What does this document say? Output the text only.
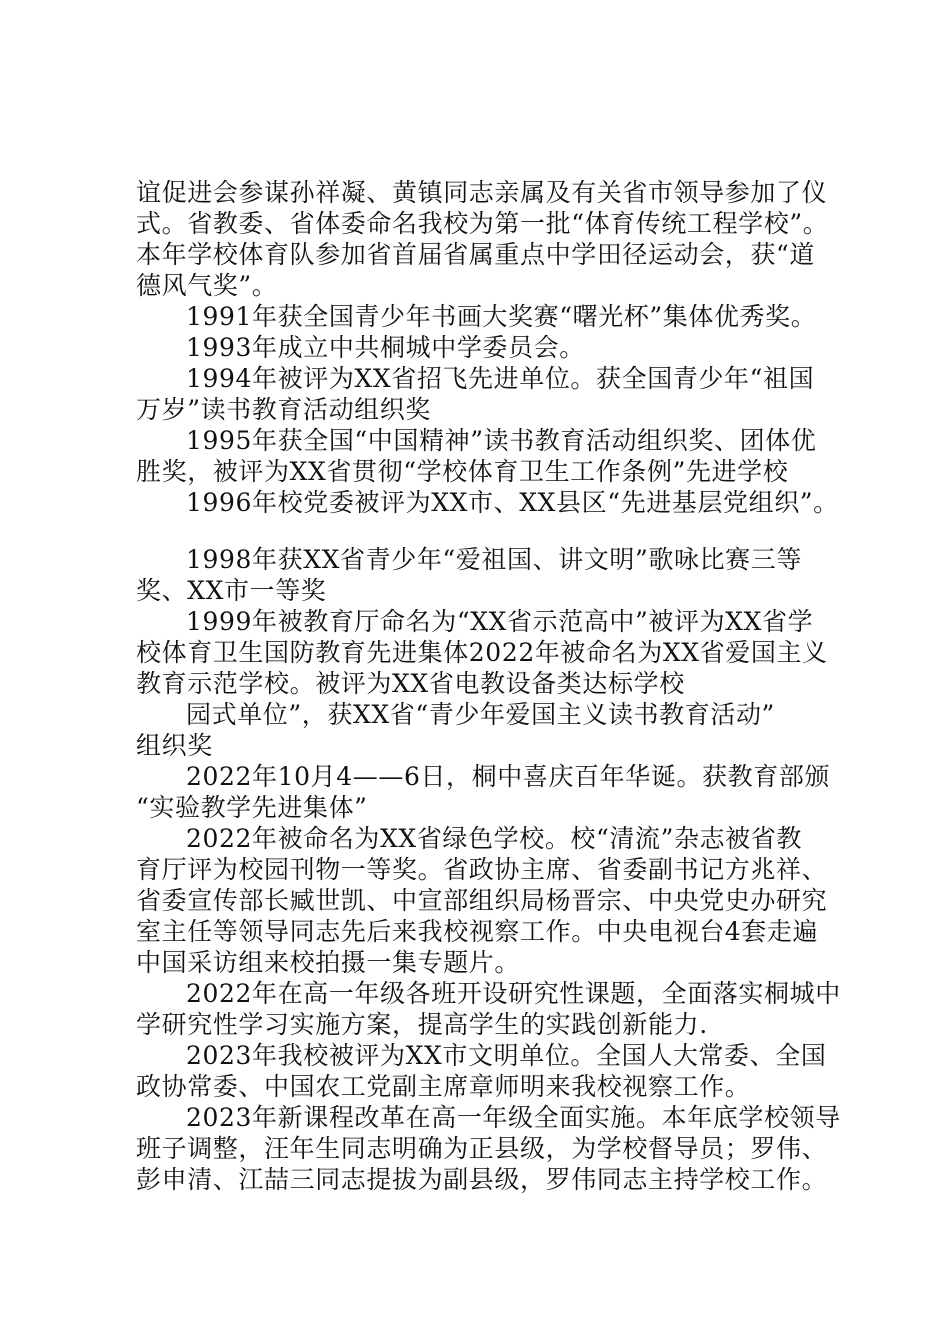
谊促进会参谋孙祥凝、黄镇同志亲属及有关省市领导参加了仪
式。省教委、省体委命名我校为第一批“体育传统工程学校”。
本年学校体育队参加省首届省属重点中学田径运动会，获“道
德风气奖”。
1991年获全国青少年书画大奖赛“曙光杯”集体优秀奖。
1993年成立中共桐城中学委员会。
1994年被评为XX省招飞先进单位。获全国青少年“祖国
万岁”读书教育活动组织奖
1995年获全国“中国精神”读书教育活动组织奖、团体优
胜奖，被评为XX省贯彻“学校体育卫生工作条例”先进学校
1996年校党委被评为XX市、XX县区“先进基层党组织”。
1998年获XX省青少年“爱祖国、讲文明”歌咏比赛三等
奖、XX市一等奖
1999年被教育厅命名为“XX省示范高中”被评为XX省学
校体育卫生国防教育先进集体2022年被命名为XX省爱国主义
教育示范学校。被评为XX省电教设备类达标学校
园式单位”，获XX省“青少年爱国主义读书教育活动”
组织奖
2022年10月4——6日，桐中喜庆百年华诞。获教育部颁
“实验教学先进集体”
2022年被命名为XX省绿色学校。校“清流”杂志被省教
育厅评为校园刊物一等奖。省政协主席、省委副书记方兆祥、
省委宣传部长臧世凯、中宣部组织局杨晋宗、中央党史办研究
室主任等领导同志先后来我校视察工作。中央电视台4套走遍
中国采访组来校拍摄一集专题片。
2022年在高一年级各班开设研究性课题，全面落实桐城中
学研究性学习实施方案，提高学生的实践创新能力.
2023年我校被评为XX市文明单位。全国人大常委、全国
政协常委、中国农工党副主席章师明来我校视察工作。
2023年新课程改革在高一年级全面实施。本年底学校领导
班子调整，汪年生同志明确为正县级，为学校督导员；罗伟、
彭申清、江喆三同志提拔为副县级，罗伟同志主持学校工作。
